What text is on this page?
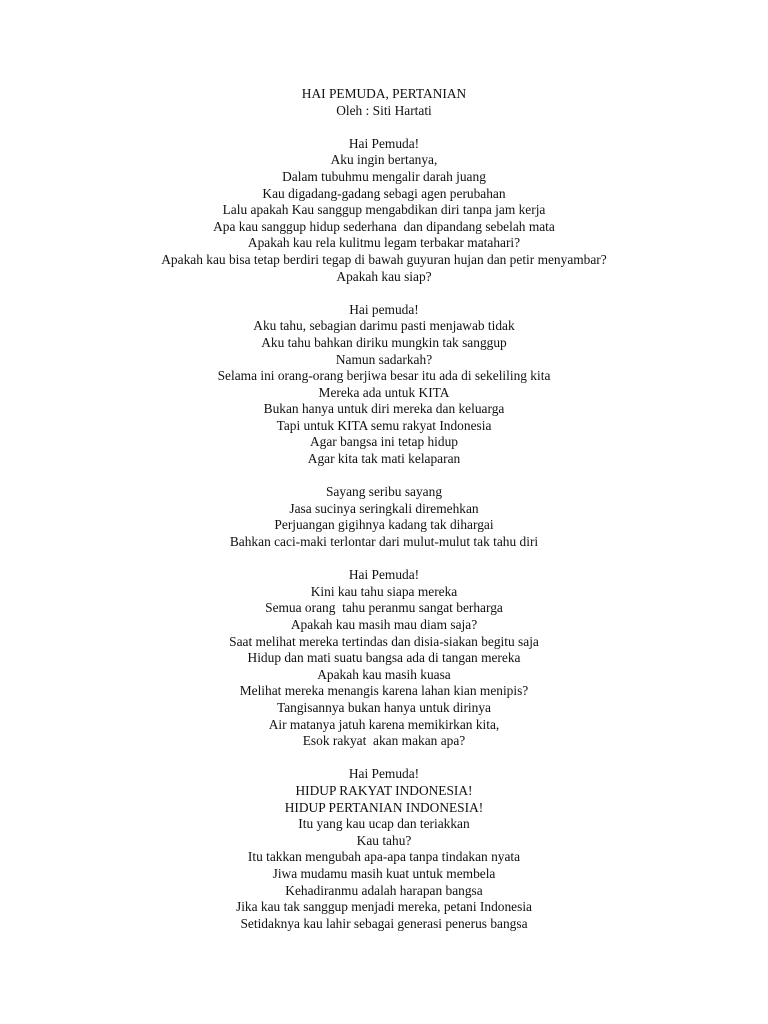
HAI PEMUDA, PERTANIAN
Oleh : Siti Hartati
Hai Pemuda!
Aku ingin bertanya,
Dalam tubuhmu mengalir darah juang
Kau digadang-gadang sebagi agen perubahan
Lalu apakah Kau sanggup mengabdikan diri tanpa jam kerja
Apa kau sanggup hidup sederhana  dan dipandang sebelah mata
Apakah kau rela kulitmu legam terbakar matahari?
Apakah kau bisa tetap berdiri tegap di bawah guyuran hujan dan petir menyambar?
Apakah kau siap?
Hai pemuda!
Aku tahu, sebagian darimu pasti menjawab tidak
Aku tahu bahkan diriku mungkin tak sanggup
Namun sadarkah?
Selama ini orang-orang berjiwa besar itu ada di sekeliling kita
Mereka ada untuk KITA
Bukan hanya untuk diri mereka dan keluarga
Tapi untuk KITA semu rakyat Indonesia
Agar bangsa ini tetap hidup
Agar kita tak mati kelaparan
Sayang seribu sayang
Jasa sucinya seringkali diremehkan
Perjuangan gigihnya kadang tak dihargai
Bahkan caci-maki terlontar dari mulut-mulut tak tahu diri
Hai Pemuda!
Kini kau tahu siapa mereka
Semua orang  tahu peranmu sangat berharga
Apakah kau masih mau diam saja?
Saat melihat mereka tertindas dan disia-siakan begitu saja
Hidup dan mati suatu bangsa ada di tangan mereka
Apakah kau masih kuasa
Melihat mereka menangis karena lahan kian menipis?
Tangisannya bukan hanya untuk dirinya
Air matanya jatuh karena memikirkan kita,
Esok rakyat  akan makan apa?
Hai Pemuda!
HIDUP RAKYAT INDONESIA!
HIDUP PERTANIAN INDONESIA!
Itu yang kau ucap dan teriakkan
Kau tahu?
Itu takkan mengubah apa-apa tanpa tindakan nyata
Jiwa mudamu masih kuat untuk membela
Kehadiranmu adalah harapan bangsa
Jika kau tak sanggup menjadi mereka, petani Indonesia
Setidaknya kau lahir sebagai generasi penerus bangsa
